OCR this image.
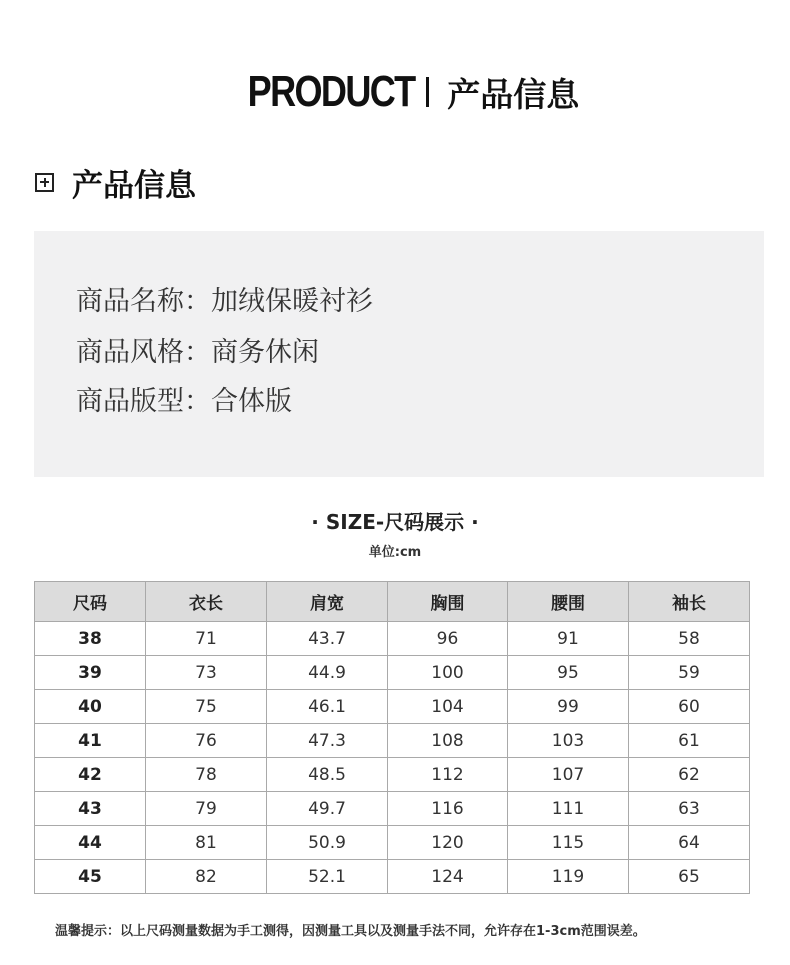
PRODUCT 产品信息
产品信息
商品名称：加绒保暖衬衫
商品风格：商务休闲
商品版型：合体版
· SIZE-尺码展示 ·
单位:cm
尺码	衣长	肩宽	胸围	腰围	袖长
38	71	43.7	96	91	58
39	73	44.9	100	95	59
40	75	46.1	104	99	60
41	76	47.3	108	103	61
42	78	48.5	112	107	62
43	79	49.7	116	111	63
44	81	50.9	120	115	64
45	82	52.1	124	119	65
温馨提示：以上尺码测量数据为手工测得，因测量工具以及测量手法不同，允许存在1-3cm范围误差。
